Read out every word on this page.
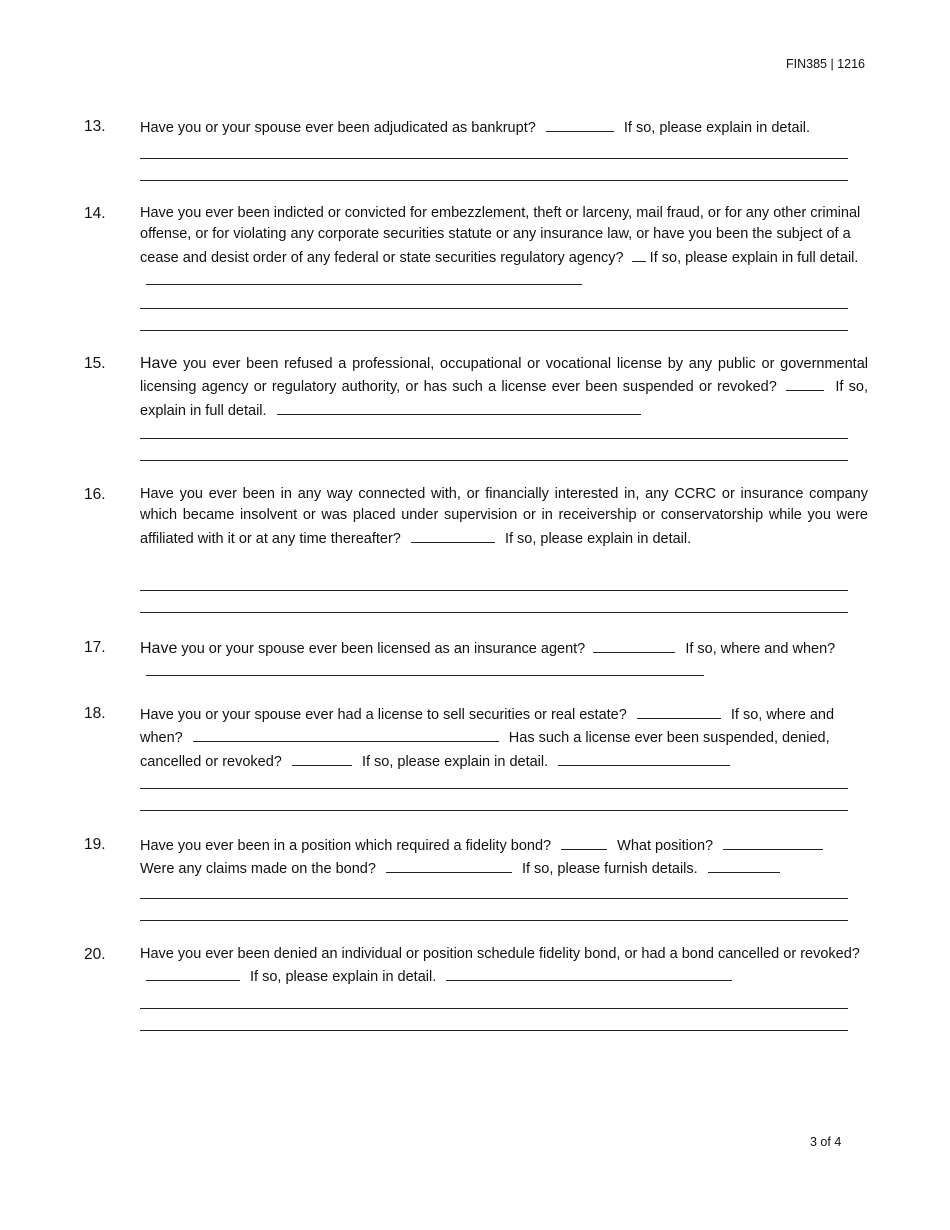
FIN385 | 1216
13. Have you or your spouse ever been adjudicated as bankrupt?	If so, please explain in detail.
14. Have you ever been indicted or convicted for embezzlement, theft or larceny, mail fraud, or for any other criminal offense, or for violating any corporate securities statute or any insurance law, or have you been the subject of a cease and desist order of any federal or state securities regulatory agency? If so, please explain in full detail.
15. Have you ever been refused a professional, occupational or vocational license by any public or governmental licensing agency or regulatory authority, or has such a license ever been suspended or revoked?	If so, explain in full detail.
16. Have you ever been in any way connected with, or financially interested in, any CCRC or insurance company which became insolvent or was placed under supervision or in receivership or conservatorship while you were affiliated with it or at any time thereafter?	If so, please explain in detail.
17. Have you or your spouse ever been licensed as an insurance agent?	If so, where and when?
18. Have you or your spouse ever had a license to sell securities or real estate?	If so, where and when?	Has such a license ever been suspended, denied, cancelled or revoked?	If so, please explain in detail.
19. Have you ever been in a position which required a fidelity bond?	What position?
Were any claims made on the bond?	If so, please furnish details.
20. Have you ever been denied an individual or position schedule fidelity bond, or had a bond cancelled or revoked?  If so, please explain in detail.
3 of 4
